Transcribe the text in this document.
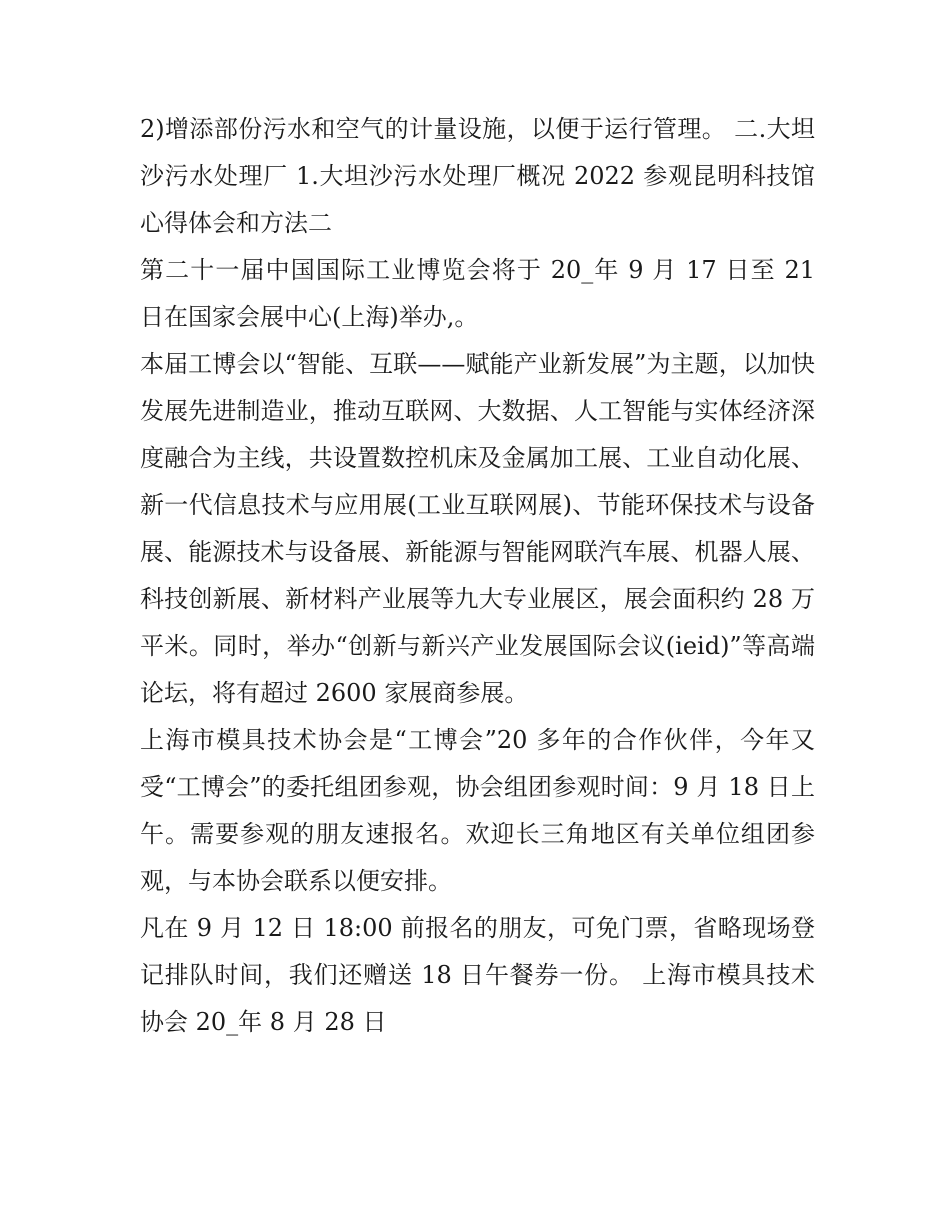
2)增添部份污水和空气的计量设施，以便于运行管理。 二.大坦沙污水处理厂 1.大坦沙污水处理厂概况 2022 参观昆明科技馆心得体会和方法二

第二十一届中国国际工业博览会将于 20_年 9 月 17 日至 21 日在国家会展中心(上海)举办,。

本届工博会以“智能、互联——赋能产业新发展”为主题，以加快发展先进制造业，推动互联网、大数据、人工智能与实体经济深度融合为主线，共设置数控机床及金属加工展、工业自动化展、新一代信息技术与应用展(工业互联网展)、节能环保技术与设备展、能源技术与设备展、新能源与智能网联汽车展、机器人展、科技创新展、新材料产业展等九大专业展区，展会面积约 28 万平米。同时，举办“创新与新兴产业发展国际会议(ieid)”等高端论坛，将有超过 2600 家展商参展。

上海市模具技术协会是“工博会”20 多年的合作伙伴，今年又受“工博会”的委托组团参观，协会组团参观时间：9 月 18 日上午。需要参观的朋友速报名。欢迎长三角地区有关单位组团参观，与本协会联系以便安排。

凡在 9 月 12 日 18:00 前报名的朋友，可免门票，省略现场登记排队时间，我们还赠送 18 日午餐券一份。 上海市模具技术协会 20_年 8 月 28 日
